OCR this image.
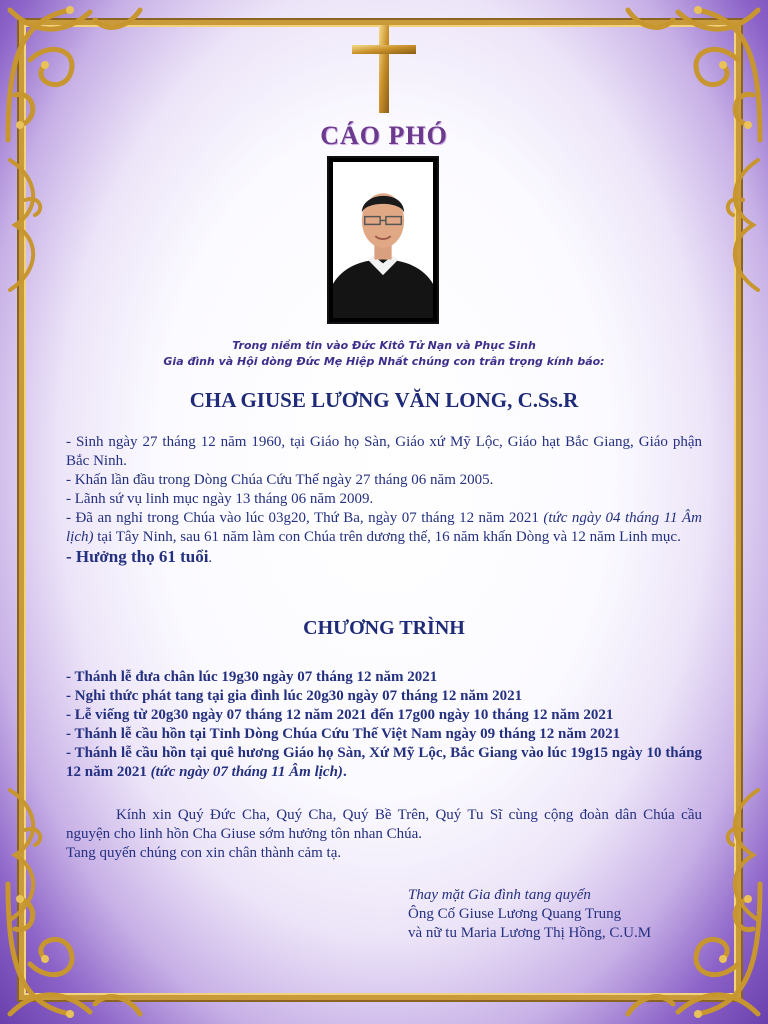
CÁO PHÓ
Trong niềm tin vào Đức Kitô Tử Nạn và Phục Sinh
Gia đình và Hội dòng Đức Mẹ Hiệp Nhất chúng con trân trọng kính báo:
CHA GIUSE LƯƠNG VĂN LONG, C.Ss.R

- Sinh ngày 27 tháng 12 năm 1960, tại Giáo họ Sàn, Giáo xứ Mỹ Lộc, Giáo hạt Bắc Giang, Giáo phận Bắc Ninh.

- Khấn lần đầu trong Dòng Chúa Cứu Thế ngày 27 tháng 06 năm 2005.

- Lãnh sứ vụ linh mục ngày 13 tháng 06 năm 2009.

- Đã an nghỉ trong Chúa vào lúc 03g20, Thứ Ba, ngày 07 tháng 12 năm 2021 (tức ngày 04 tháng 11 Âm lịch) tại Tây Ninh, sau 61 năm làm con Chúa trên dương thế, 16 năm khấn Dòng và 12 năm Linh mục.

- Hưởng thọ 61 tuổi.

CHƯƠNG TRÌNH

- Thánh lễ đưa chân lúc 19g30 ngày 07 tháng 12 năm 2021

- Nghi thức phát tang tại gia đình lúc 20g30 ngày 07 tháng 12 năm 2021

- Lễ viếng từ 20g30 ngày 07 tháng 12 năm 2021 đến 17g00 ngày 10 tháng 12 năm 2021

- Thánh lễ cầu hồn tại Tỉnh Dòng Chúa Cứu Thế Việt Nam ngày 09 tháng 12 năm 2021

- Thánh lễ cầu hồn tại quê hương Giáo họ Sàn, Xứ Mỹ Lộc, Bắc Giang vào lúc 19g15 ngày 10 tháng 12 năm 2021 (tức ngày 07 tháng 11 Âm lịch).

Kính xin Quý Đức Cha, Quý Cha, Quý Bề Trên, Quý Tu Sĩ cùng cộng đoàn dân Chúa cầu nguyện cho linh hồn Cha Giuse sớm hưởng tôn nhan Chúa.

Tang quyến chúng con xin chân thành cảm tạ.

Thay mặt Gia đình tang quyến

Ông Cố Giuse Lương Quang Trung

và nữ tu Maria Lương Thị Hồng, C.U.M
